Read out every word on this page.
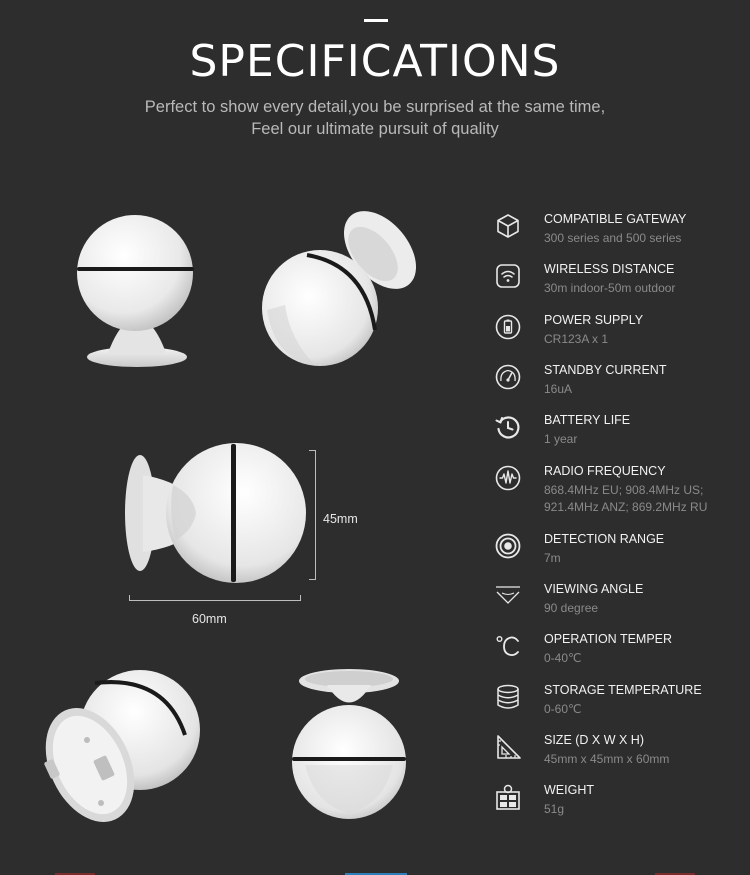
SPECIFICATIONS
Perfect to show every detail,you be surprised at the same time,
Feel our ultimate pursuit of quality
45mm
60mm
COMPATIBLE GATEWAY
300 series and 500 series
WIRELESS DISTANCE
30m indoor-50m outdoor
POWER SUPPLY
CR123A x 1
STANDBY CURRENT
16uA
BATTERY LIFE
1 year
RADIO FREQUENCY
868.4MHz EU; 908.4MHz US; 921.4MHz ANZ; 869.2MHz RU
DETECTION RANGE
7m
VIEWING ANGLE
90 degree
OPERATION TEMPER
0-40℃
STORAGE TEMPERATURE
0-60℃
SIZE (D X W X H)
45mm x 45mm x 60mm
WEIGHT
51g
